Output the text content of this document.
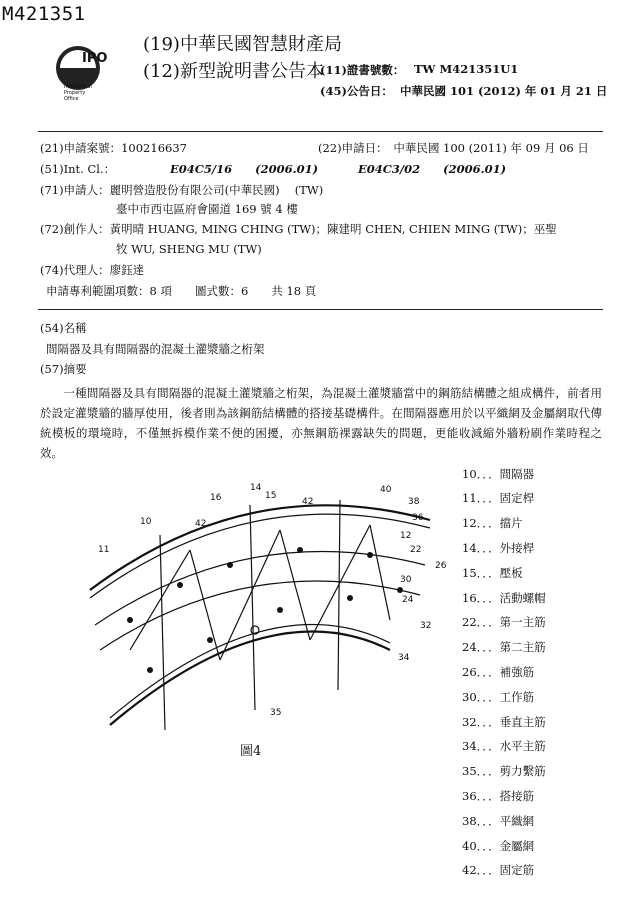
M421351
IPO
Intellectual
Property
Office
(19)中華民國智慧財產局
(12)新型說明書公告本
(11)證書號數： TW M421351U1
(45)公告日： 中華民國 101 (2012) 年 01 月 21 日
(21)申請案號：100216637	(22)申請日：　中華民國 100 (2011) 年 09 月 06 日
(51)Int. Cl.：	E04C5/16　　(2006.01)	E04C3/02　　(2006.01)
(71)申請人：麗明營造股份有限公司(中華民國)　 (TW)
臺中市西屯區府會園道 169 號 4 樓
(72)創作人：黃明晴 HUANG, MING CHING (TW)；陳建明 CHEN, CHIEN MING (TW)；巫聖
牧 WU, SHENG MU (TW)
(74)代理人：廖鈺達
申請專利範圍項數：8 項　　圖式數：6　　共 18 頁
(54)名稱
間隔器及具有間隔器的混凝土灌漿牆之桁架
(57)摘要
　　一種間隔器及具有間隔器的混凝土灌漿牆之桁架，為混凝土灌漿牆當中的鋼筋結構體之組成構件，前者用於設定灌漿牆的牆厚使用，後者則為該鋼筋結構體的搭接基礎構件。在間隔器應用於以平織網及金屬網取代傳統模板的環境時，不僅無拆模作業不便的困擾，亦無鋼筋裸露缺失的問題，更能收減縮外牆粉刷作業時程之效。
10
11
12
14
15
16
22
24
26
30
32
34
35
36
38
40
42
42
圖4
10．．．間隔器
11．．．固定桿
12．．．擋片
14．．．外接桿
15．．．壓板
16．．．活動螺帽
22．．．第一主筋
24．．．第二主筋
26．．．補強筋
30．．．工作筋
32．．．垂直主筋
34．．．水平主筋
35．．．剪力繫筋
36．．．搭接筋
38．．．平織網
40．．．金屬網
42．．．固定筋
